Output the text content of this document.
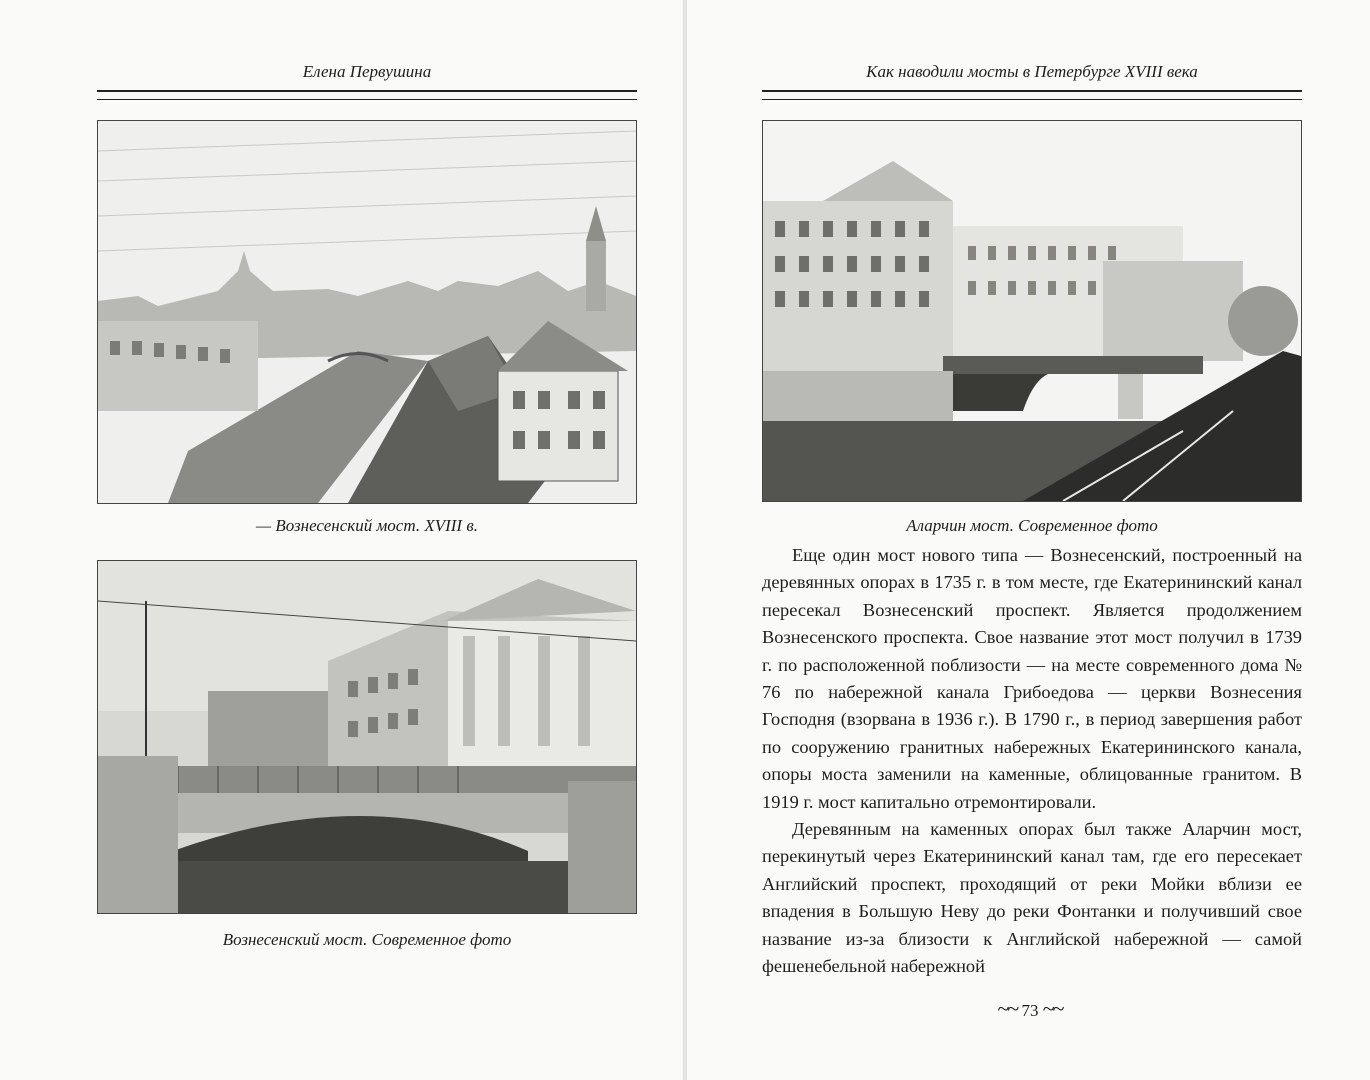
Елена Первушина
— Вознесенский мост. XVIII в.
Вознесенский мост. Современное фото
Как наводили мосты в Петербурге XVIII века
Аларчин мост. Современное фото

Еще один мост нового типа — Вознесенский, построенный на деревянных опорах в 1735 г. в том месте, где Екатерининский канал пересекал Вознесенский проспект. Является продолжением Вознесенского проспекта. Свое название этот мост получил в 1739 г. по расположенной поблизости — на месте современного дома № 76 по набережной канала Грибоедова — церкви Вознесения Господня (взорвана в 1936 г.). В 1790 г., в период завершения работ по сооружению гранитных набережных Екатерининского канала, опоры моста заменили на каменные, облицованные гранитом. В 1919 г. мост капитально отремонтировали.

Деревянным на каменных опорах был также Аларчин мост, перекинутый через Екатерининский канал там, где его пересекает Английский проспект, проходящий от реки Мойки вблизи ее впадения в Большую Неву до реки Фонтанки и получивший свое название из-за близости к Английской набережной — самой фешенебельной набережной

~~ 73 ~~
